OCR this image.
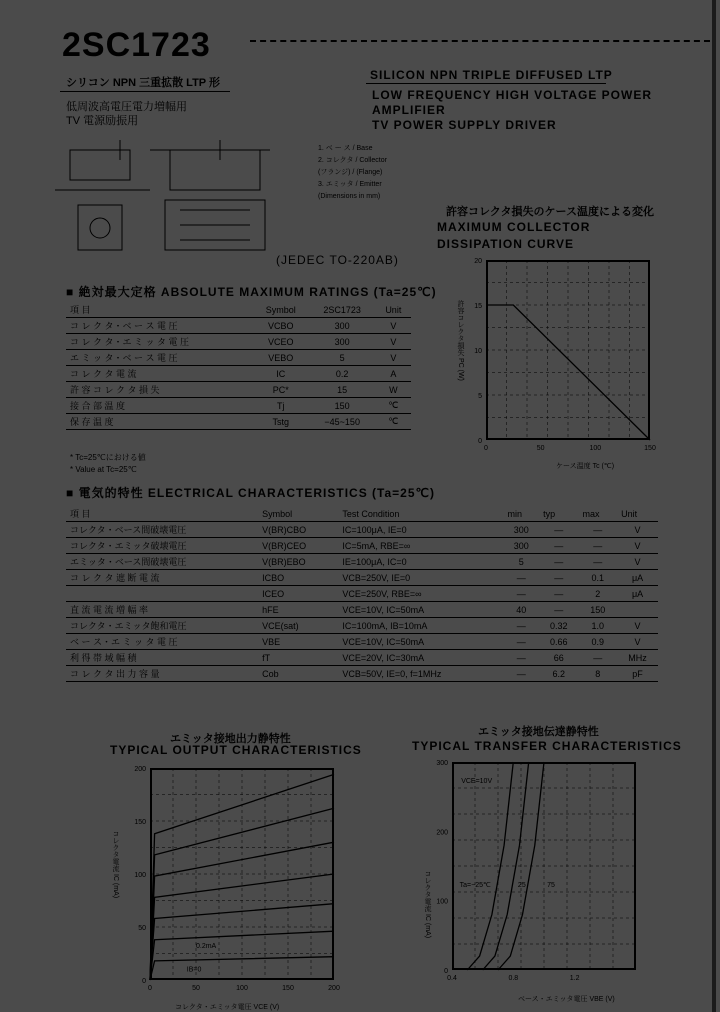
2SC1723
シリコン NPN 三重拡散 LTP 形
低周波高電圧電力増幅用
TV 電源励振用
SILICON NPN TRIPLE DIFFUSED LTP
LOW FREQUENCY HIGH VOLTAGE POWER
AMPLIFIER
TV POWER SUPPLY DRIVER
1. ベ ー ス / Base
2. コレクタ / Collector
(フランジ) / (Flange)
3. エミッタ / Emitter
(Dimensions in mm)
(JEDEC TO-220AB)
■ 絶対最大定格 ABSOLUTE MAXIMUM RATINGS (Ta=25℃)
項 目	Symbol	2SC1723	Unit
コ レ ク タ・ベ ー ス 電 圧	VCBO	300	V
コ レ ク タ・エ ミ ッ タ 電 圧	VCEO	300	V
エ ミ ッ タ・ベ ー ス 電 圧	VEBO	5	V
コ レ ク タ 電 流	IC	0.2	A
許 容 コ レ ク タ 損 失	PC*	15	W
接 合 部 温 度	Tj	150	℃
保 存 温 度	Tstg	−45~150	℃
* Tc=25℃における値
* Value at Tc=25℃
許容コレクタ損失のケース温度による変化
MAXIMUM COLLECTOR DISSIPATION CURVE
許容コレクタ損失 PC (W)
ケース温度 Tc (℃)
0	50	100	150
0
5
10
15
20
■ 電気的特性 ELECTRICAL CHARACTERISTICS (Ta=25℃)
項 目	Symbol	Test Condition	min	typ	max	Unit
コレクタ・ベース間破壊電圧	V(BR)CBO	IC=100μA, IE=0	300	—	—	V
コレクタ・エミッタ破壊電圧	V(BR)CEO	IC=5mA, RBE=∞	300	—	—	V
エミッタ・ベース間破壊電圧	V(BR)EBO	IE=100μA, IC=0	5	—	—	V
コ レ ク タ 遮 断 電 流	ICBO	VCB=250V, IE=0	—	—	0.1	μA
	ICEO	VCE=250V, RBE=∞	—	—	2	μA
直 流 電 流 増 幅 率	hFE	VCE=10V, IC=50mA	40	—	150	
コレクタ・エミッタ飽和電圧	VCE(sat)	IC=100mA, IB=10mA	—	0.32	1.0	V
ベ ー ス・エ ミ ッ タ 電 圧	VBE	VCE=10V, IC=50mA	—	0.66	0.9	V
利 得 帯 域 幅 積	fT	VCE=20V, IC=30mA	—	66	—	MHz
コ レ ク タ 出 力 容 量	Cob	VCB=50V, IE=0, f=1MHz	—	6.2	8	pF
エミッタ接地出力静特性
TYPICAL OUTPUT CHARACTERISTICS
コレクタ電流 IC (mA)
コレクタ・エミッタ電圧 VCE (V)
0	50	100	150	200
0
50
100
150
200
0.2mA
IB=0
エミッタ接地伝達静特性
TYPICAL TRANSFER CHARACTERISTICS
コレクタ電流 IC (mA)
ベース・エミッタ電圧 VBE (V)
0.4	0.8	1.2
0
100
200
300
VCE=10V
Ta=−25℃	25	75
